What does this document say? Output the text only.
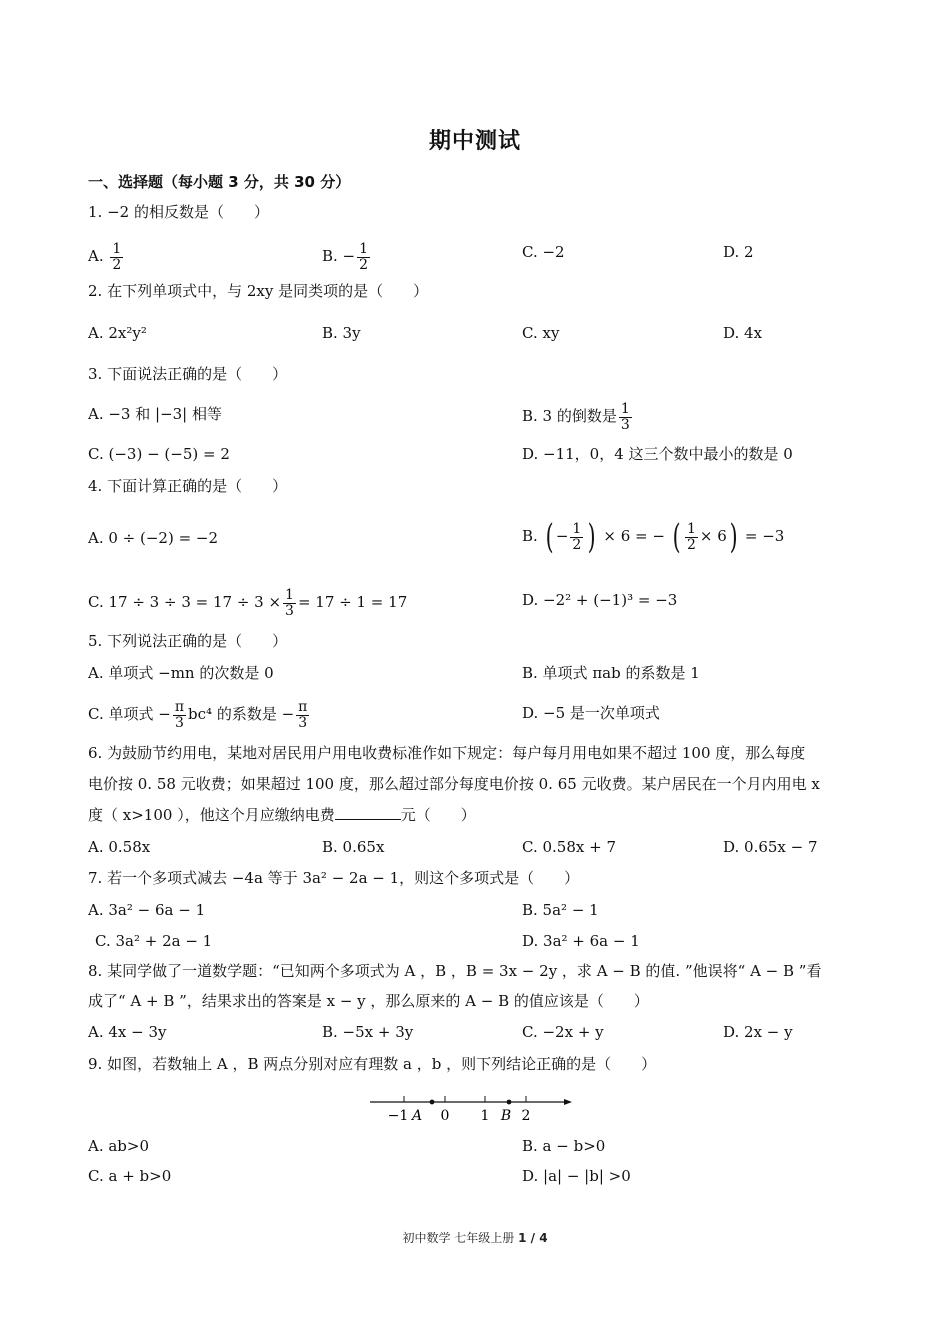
期中测试
一、选择题（每小题 3 分，共 30 分）
1. −2 的相反数是（　　）
A. $\frac{1}{2}$	B. − $\frac{1}{2}$	C. −2	D. 2
2. 在下列单项式中，与 2xy 是同类项的是（　　）
A. 2x²y²	B. 3y	C. xy	D. 4x
3. 下面说法正确的是（　　）
A. −3 和 |−3| 相等	B. 3 的倒数是 $\frac{1}{3}$
C. (−3) − (−5) = 2	D. −11，0，4 这三个数中最小的数是 0
4. 下面计算正确的是（　　）
A. 0 ÷ (−2) = −2	B. ( − $\frac{1}{2}$ ) × 6 = − ( $\frac{1}{2} \times 6) = -3$
C. $17 \div 3 \div 3 = 17 \div 3 \times \frac{1}{3} = 17 \div 1 = 17$	D. −2² + (−1)³ = −3
5. 下列说法正确的是（　　）
A. 单项式 −mn 的次数是 0	B. 单项式 πab 的系数是 1
C. 单项式 − $\frac{\pi}{3} bc^4$ 的系数是 − $\frac{\pi}{3}$	D. −5 是一次单项式
6. 为鼓励节约用电，某地对居民用户用电收费标准作如下规定：每户每月用电如果不超过 100 度，那么每度
电价按 0. 58 元收费；如果超过 100 度，那么超过部分每度电价按 0. 65 元收费。某户居民在一个月内用电 x
度（ x>100 ），他这个月应缴纳电费	元（　　）
A. 0.58x	B. 0.65x	C. 0.58x + 7	D. 0.65x − 7
7. 若一个多项式减去 −4a 等于 3a² − 2a − 1，则这个多项式是（　　）
A. 3a² − 6a − 1	B. 5a² − 1
C. 3a² + 2a − 1	D. 3a² + 6a − 1
8. 某同学做了一道数学题：“已知两个多项式为 A ，B ，B = 3x − 2y ，求 A − B 的值. ”他误将“ A − B ”看
成了“ A + B ”，结果求出的答案是 x − y ，那么原来的 A − B 的值应该是（　　）
A. 4x − 3y	B. −5x + 3y	C. −2x + y	D. 2x − y
9. 如图，若数轴上 A ，B 两点分别对应有理数 a ，b ，则下列结论正确的是（　　）
−1 A 0 1 B 2
A. ab>0	B. a − b>0
C. a + b>0	D. |a| − |b| >0
初中数学 七年级上册 1 / 4
